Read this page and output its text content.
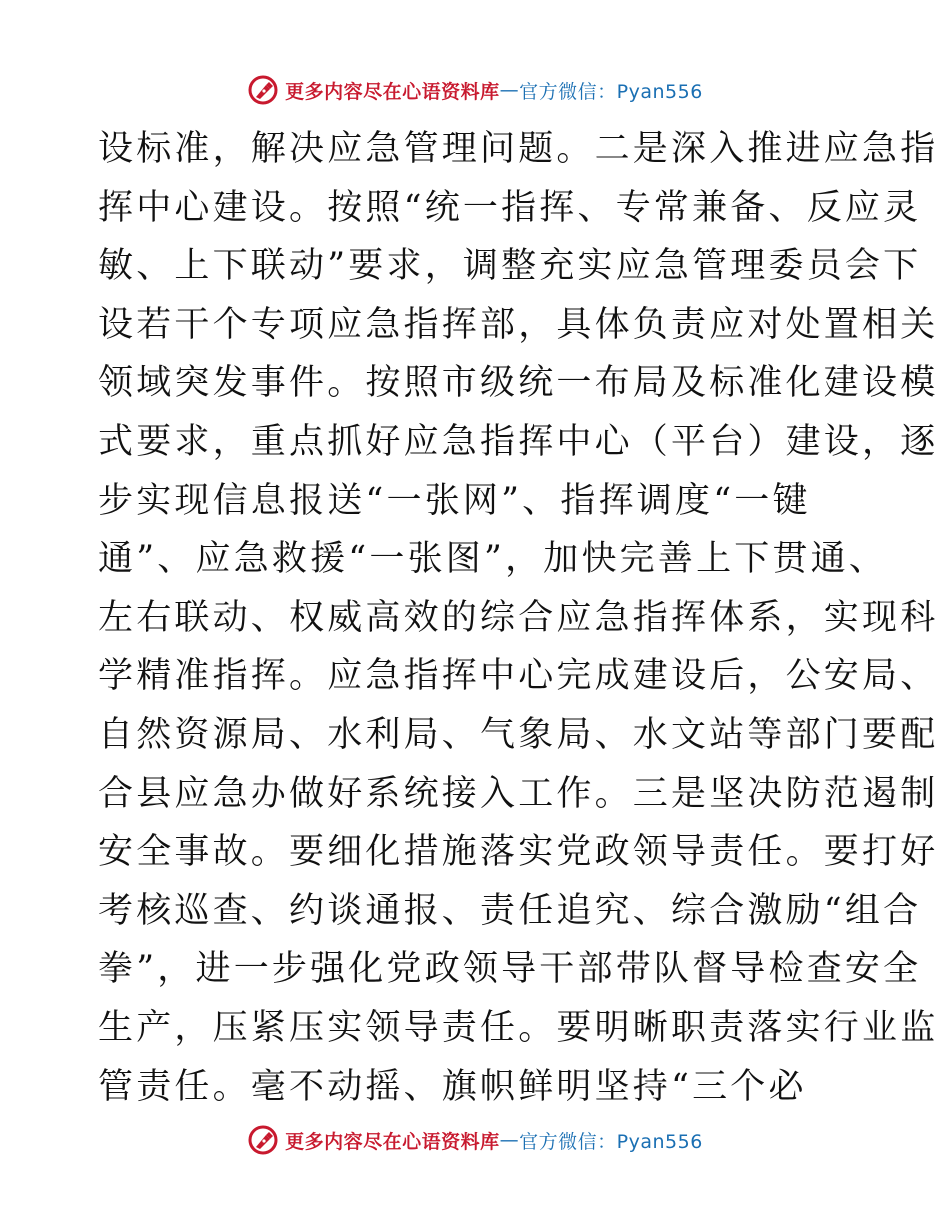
更多内容尽在心语资料库 — 官方微信：Pyan556
设标准，解决应急管理问题。二是深入推进应急指
挥中心建设。按照“统一指挥、专常兼备、反应灵
敏、上下联动”要求，调整充实应急管理委员会下
设若干个专项应急指挥部，具体负责应对处置相关
领域突发事件。按照市级统一布局及标准化建设模
式要求，重点抓好应急指挥中心（平台）建设，逐
步实现信息报送“一张网”、指挥调度“一键
通”、应急救援“一张图”，加快完善上下贯通、
左右联动、权威高效的综合应急指挥体系，实现科
学精准指挥。应急指挥中心完成建设后，公安局、
自然资源局、水利局、气象局、水文站等部门要配
合县应急办做好系统接入工作。三是坚决防范遏制
安全事故。要细化措施落实党政领导责任。要打好
考核巡查、约谈通报、责任追究、综合激励“组合
拳”，进一步强化党政领导干部带队督导检查安全
生产，压紧压实领导责任。要明晰职责落实行业监
管责任。毫不动摇、旗帜鲜明坚持“三个必
更多内容尽在心语资料库 — 官方微信：Pyan556
